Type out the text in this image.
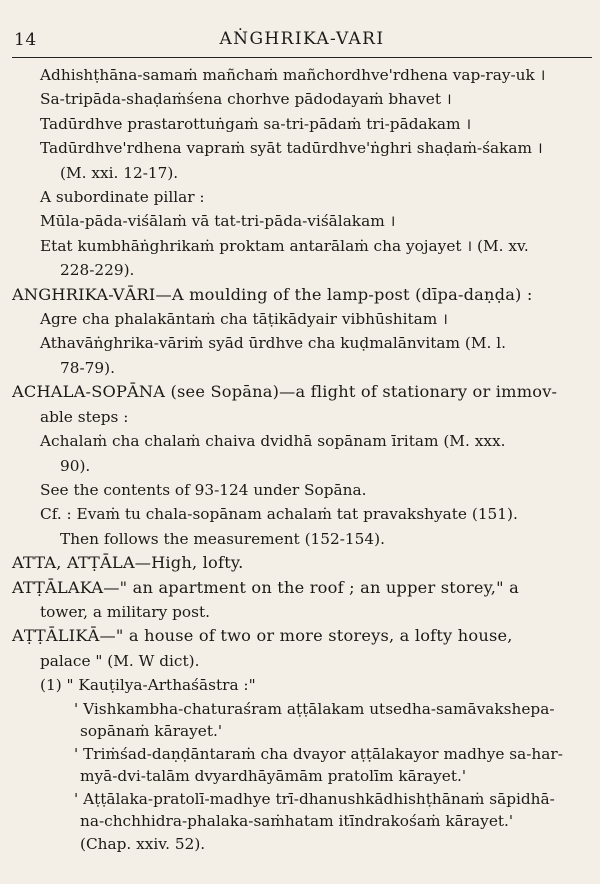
14	AṄGHRIKA-VARI
Adhishṭhāna-samaṁ mañchaṁ mañchordhve'rdhena vap-ray-uk ।
Sa-tripāda-shaḍaṁśena chorhve pādodayaṁ bhavet ।
Tadūrdhve prastarottuṅgaṁ sa-tri-pādaṁ tri-pādakam ।
Tadūrdhve'rdhena vapraṁ syāt tadūrdhve'ṅghri shaḍaṁ-śakam ।
(M. xxi. 12-17).
A subordinate pillar :
Mūla-pāda-viśālaṁ vā tat-tri-pāda-viśālakam ।
Etat kumbhāṅghrikaṁ proktam antarālaṁ cha yojayet । (M. xv.
228-229).
ANGHRIKA-VĀRI—A moulding of the lamp-post (dīpa-daṇḍa) :
Agre cha phalakāntaṁ cha tāṭikādyair vibhūshitam ।
Athavāṅghrika-vāriṁ syād ūrdhve cha kuḍmalānvitam (M. l.
78-79).
ACHALA-SOPĀNA (see Sopāna)—a flight of stationary or immov-
able steps :
Achalaṁ cha chalaṁ chaiva dvidhā sopānam īritam (M. xxx.
90).
See the contents of 93-124 under Sopāna.
Cf. : Evaṁ tu chala-sopānam achalaṁ tat pravakshyate (151).
Then follows the measurement (152-154).
ATTA, ATṬĀLA—High, lofty.
ATṬĀLAKA—" an apartment on the roof ; an upper storey," a
tower, a military post.
AṬṬĀLIKĀ—" a house of two or more storeys, a lofty house,
palace " (M. W dict).
(1) " Kauṭilya-Arthaśāstra :"
' Vishkambha-chaturaśram aṭṭālakam utsedha-samāvakshepa-
sopānaṁ kārayet.'
' Triṁśad-daṇḍāntaraṁ cha dvayor aṭṭālakayor madhye sa-har-
myā-dvi-talām dvyardhāyāmām pratolīm kārayet.'
' Aṭṭālaka-pratolī-madhye trī-dhanushkādhishṭhānaṁ sāpidhā-
na-chchhidra-phalaka-saṁhatam itīndrakośaṁ kārayet.'
(Chap. xxiv. 52).
